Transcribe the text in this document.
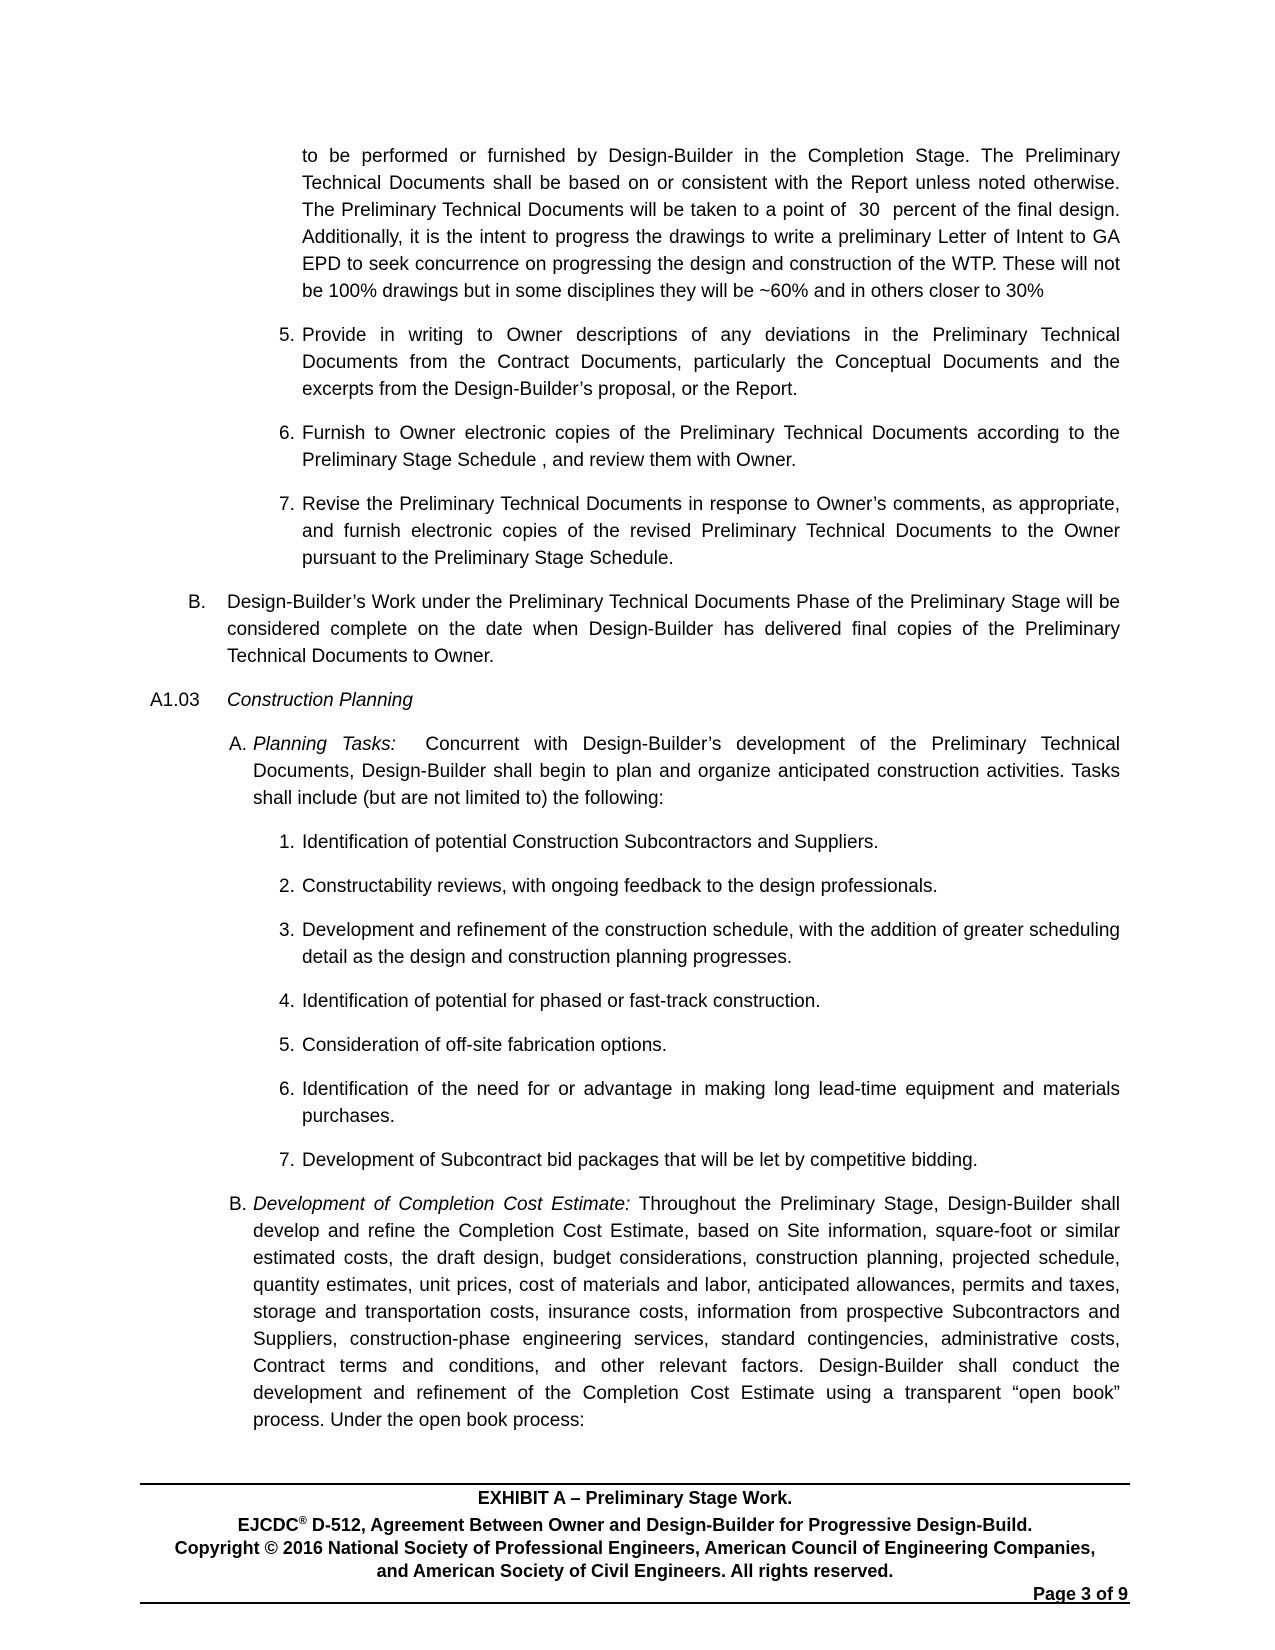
to be performed or furnished by Design-Builder in the Completion Stage. The Preliminary Technical Documents shall be based on or consistent with the Report unless noted otherwise. The Preliminary Technical Documents will be taken to a point of  30  percent of the final design. Additionally, it is the intent to progress the drawings to write a preliminary Letter of Intent to GA EPD to seek concurrence on progressing the design and construction of the WTP. These will not be 100% drawings but in some disciplines they will be ~60% and in others closer to 30%
5. Provide in writing to Owner descriptions of any deviations in the Preliminary Technical Documents from the Contract Documents, particularly the Conceptual Documents and the excerpts from the Design-Builder’s proposal, or the Report.
6. Furnish to Owner electronic copies of the Preliminary Technical Documents according to the Preliminary Stage Schedule , and review them with Owner.
7. Revise the Preliminary Technical Documents in response to Owner’s comments, as appropriate, and furnish electronic copies of the revised Preliminary Technical Documents to the Owner pursuant to the Preliminary Stage Schedule.
B.	Design-Builder’s Work under the Preliminary Technical Documents Phase of the Preliminary Stage will be considered complete on the date when Design-Builder has delivered final copies of the Preliminary Technical Documents to Owner.
A1.03	Construction Planning
A. Planning Tasks:  Concurrent with Design-Builder’s development of the Preliminary Technical Documents, Design-Builder shall begin to plan and organize anticipated construction activities. Tasks shall include (but are not limited to) the following:
1. Identification of potential Construction Subcontractors and Suppliers.
2. Constructability reviews, with ongoing feedback to the design professionals.
3. Development and refinement of the construction schedule, with the addition of greater scheduling detail as the design and construction planning progresses.
4. Identification of potential for phased or fast-track construction.
5. Consideration of off-site fabrication options.
6. Identification of the need for or advantage in making long lead-time equipment and materials purchases.
7. Development of Subcontract bid packages that will be let by competitive bidding.
B. Development of Completion Cost Estimate: Throughout the Preliminary Stage, Design-Builder shall develop and refine the Completion Cost Estimate, based on Site information, square-foot or similar estimated costs, the draft design, budget considerations, construction planning, projected schedule, quantity estimates, unit prices, cost of materials and labor, anticipated allowances, permits and taxes, storage and transportation costs, insurance costs, information from prospective Subcontractors and Suppliers, construction-phase engineering services, standard contingencies, administrative costs, Contract terms and conditions, and other relevant factors. Design-Builder shall conduct the development and refinement of the Completion Cost Estimate using a transparent “open book” process. Under the open book process:
EXHIBIT A – Preliminary Stage Work.
EJCDC® D-512, Agreement Between Owner and Design-Builder for Progressive Design-Build.
Copyright © 2016 National Society of Professional Engineers, American Council of Engineering Companies,
and American Society of Civil Engineers. All rights reserved.
Page 3 of 9
